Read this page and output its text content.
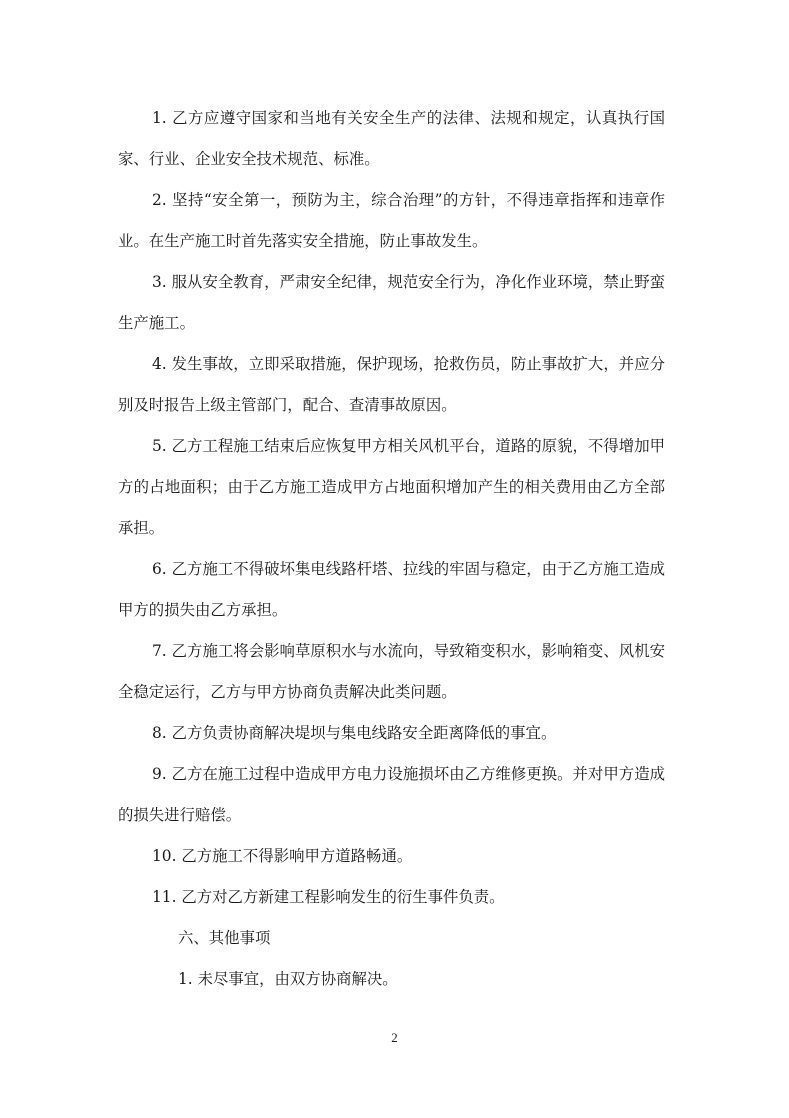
1. 乙方应遵守国家和当地有关安全生产的法律、法规和规定，认真执行国家、行业、企业安全技术规范、标准。

2. 坚持“安全第一，预防为主，综合治理”的方针，不得违章指挥和违章作业。在生产施工时首先落实安全措施，防止事故发生。

3. 服从安全教育，严肃安全纪律，规范安全行为，净化作业环境，禁止野蛮生产施工。

4. 发生事故，立即采取措施，保护现场，抢救伤员，防止事故扩大，并应分别及时报告上级主管部门，配合、查清事故原因。

5. 乙方工程施工结束后应恢复甲方相关风机平台，道路的原貌，不得增加甲方的占地面积；由于乙方施工造成甲方占地面积增加产生的相关费用由乙方全部承担。

6. 乙方施工不得破坏集电线路杆塔、拉线的牢固与稳定，由于乙方施工造成甲方的损失由乙方承担。

7. 乙方施工将会影响草原积水与水流向，导致箱变积水，影响箱变、风机安全稳定运行，乙方与甲方协商负责解决此类问题。

8. 乙方负责协商解决堤坝与集电线路安全距离降低的事宜。

9. 乙方在施工过程中造成甲方电力设施损坏由乙方维修更换。并对甲方造成的损失进行赔偿。

10. 乙方施工不得影响甲方道路畅通。

11. 乙方对乙方新建工程影响发生的衍生事件负责。

六、其他事项

1. 未尽事宜，由双方协商解决。

2
